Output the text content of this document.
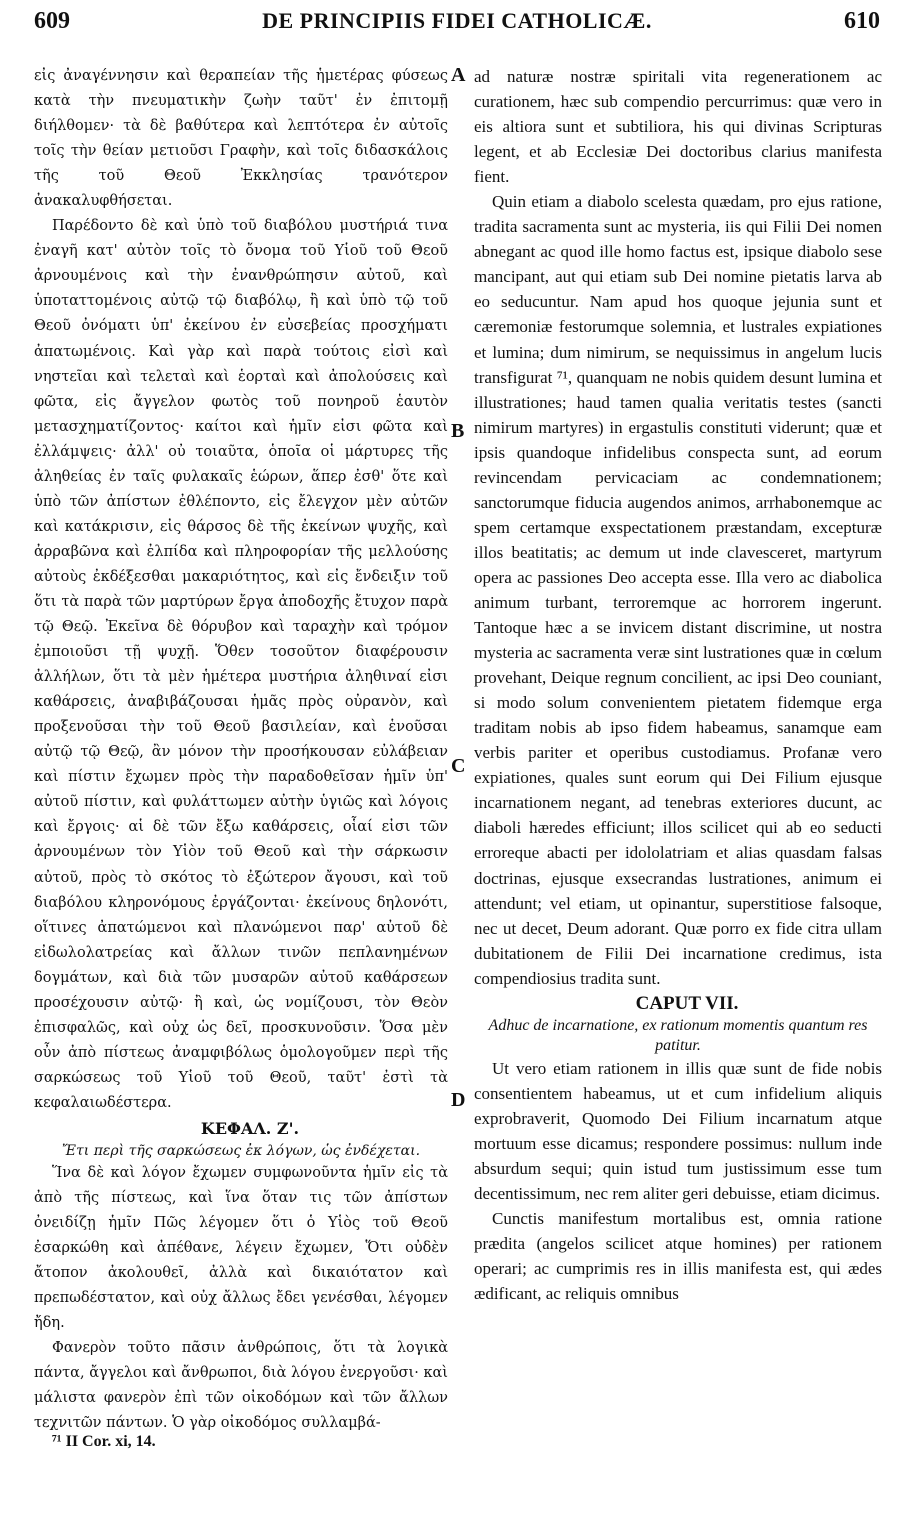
609	DE PRINCIPIIS FIDEI CATHOLICÆ.	610

εἰς ἀναγέννησιν καὶ θεραπείαν τῆς ἡμετέρας φύσεως κατὰ τὴν πνευματικὴν ζωὴν ταῦτ' ἐν ἐπιτομῇ διήλθομεν· τὰ δὲ βαθύτερα καὶ λεπτότερα ἐν αὐτοῖς τοῖς τὴν θείαν μετιοῦσι Γραφὴν, καὶ τοῖς διδασκάλοις τῆς τοῦ Θεοῦ Ἐκκλησίας τρανότερον ἀνακαλυφθήσεται.

Παρέδοντο δὲ καὶ ὑπὸ τοῦ διαβόλου μυστήριά τινα ἐναγῆ κατ' αὐτὸν τοῖς τὸ ὄνομα τοῦ Υἱοῦ τοῦ Θεοῦ ἀρνουμένοις καὶ τὴν ἐνανθρώπησιν αὐτοῦ, καὶ ὑποταττομένοις αὐτῷ τῷ διαβόλῳ, ἢ καὶ ὑπὸ τῷ τοῦ Θεοῦ ὀνόματι ὑπ' ἐκείνου ἐν εὐσεβείας προσχήματι ἀπατωμένοις. Καὶ γὰρ καὶ παρὰ τούτοις εἰσὶ καὶ νηστεῖαι καὶ τελεταὶ καὶ ἑορταὶ καὶ ἀπολούσεις καὶ φῶτα, εἰς ἄγγελον φωτὸς τοῦ πονηροῦ ἑαυτὸν μετασχηματίζοντος· καίτοι καὶ ἡμῖν εἰσι φῶτα καὶ ἐλλάμψεις· ἀλλ' οὐ τοιαῦτα, ὁποῖα οἱ μάρτυρες τῆς ἀληθείας ἐν ταῖς φυλακαῖς ἑώρων, ἅπερ ἐσθ' ὅτε καὶ ὑπὸ τῶν ἀπίστων ἐθλέποντο, εἰς ἔλεγχον μὲν αὐτῶν καὶ κατάκρισιν, εἰς θάρσος δὲ τῆς ἐκείνων ψυχῆς, καὶ ἀρραβῶνα καὶ ἐλπίδα καὶ πληροφορίαν τῆς μελλούσης αὐτοὺς ἐκδέξεσθαι μακαριότητος, καὶ εἰς ἔνδειξιν τοῦ ὅτι τὰ παρὰ τῶν μαρτύρων ἔργα ἀποδοχῆς ἔτυχον παρὰ τῷ Θεῷ. Ἐκεῖνα δὲ θόρυβον καὶ ταραχὴν καὶ τρόμον ἐμποιοῦσι τῇ ψυχῇ. Ὅθεν τοσοῦτον διαφέρουσιν ἀλλήλων, ὅτι τὰ μὲν ἡμέτερα μυστήρια ἀληθιναί εἰσι καθάρσεις, ἀναβιβάζουσαι ἡμᾶς πρὸς οὐρανὸν, καὶ προξενοῦσαι τὴν τοῦ Θεοῦ βασιλείαν, καὶ ἑνοῦσαι αὐτῷ τῷ Θεῷ, ἂν μόνον τὴν προσήκουσαν εὐλάβειαν καὶ πίστιν ἔχωμεν πρὸς τὴν παραδοθεῖσαν ἡμῖν ὑπ' αὐτοῦ πίστιν, καὶ φυλάττωμεν αὐτὴν ὑγιῶς καὶ λόγοις καὶ ἔργοις· αἱ δὲ τῶν ἔξω καθάρσεις, οἷαί εἰσι τῶν ἀρνουμένων τὸν Υἱὸν τοῦ Θεοῦ καὶ τὴν σάρκωσιν αὐτοῦ, πρὸς τὸ σκότος τὸ ἐξώτερον ἄγουσι, καὶ τοῦ διαβόλου κληρονόμους ἐργάζονται· ἐκείνους δηλονότι, οἵτινες ἀπατώμενοι καὶ πλανώμενοι παρ' αὐτοῦ δὲ εἰδωλολατρείας καὶ ἄλλων τινῶν πεπλανημένων δογμάτων, καὶ διὰ τῶν μυσαρῶν αὐτοῦ καθάρσεων προσέχουσιν αὐτῷ· ἢ καὶ, ὡς νομίζουσι, τὸν Θεὸν ἐπισφαλῶς, καὶ οὐχ ὡς δεῖ, προσκυνοῦσιν. Ὅσα μὲν οὖν ἀπὸ πίστεως ἀναμφιβόλως ὁμολογοῦμεν περὶ τῆς σαρκώσεως τοῦ Υἱοῦ τοῦ Θεοῦ, ταῦτ' ἐστὶ τὰ κεφαλαιωδέστερα.

ΚΕΦΑΛ. Ζ'.

Ἔτι περὶ τῆς σαρκώσεως ἐκ λόγων, ὡς ἐνδέχεται.

Ἵνα δὲ καὶ λόγον ἔχωμεν συμφωνοῦντα ἡμῖν εἰς τὰ ἀπὸ τῆς πίστεως, καὶ ἵνα ὅταν τις τῶν ἀπίστων ὀνειδίζῃ ἡμῖν Πῶς λέγομεν ὅτι ὁ Υἱὸς τοῦ Θεοῦ ἐσαρκώθη καὶ ἀπέθανε, λέγειν ἔχωμεν, Ὅτι οὐδὲν ἄτοπον ἀκολουθεῖ, ἀλλὰ καὶ δικαιότατον καὶ πρεπωδέστατον, καὶ οὐχ ἄλλως ἔδει γενέσθαι, λέγομεν ἤδη.

Φανερὸν τοῦτο πᾶσιν ἀνθρώποις, ὅτι τὰ λογικὰ πάντα, ἄγγελοι καὶ ἄνθρωποι, διὰ λόγου ἐνεργοῦσι· καὶ μάλιστα φανερὸν ἐπὶ τῶν οἰκοδόμων καὶ τῶν ἄλλων τεχνιτῶν πάντων. Ὁ γὰρ οἰκοδόμος συλλαμβά-

ad naturæ nostræ spiritali vita regenerationem ac curationem, hæc sub compendio percurrimus: quæ vero in eis altiora sunt et subtiliora, his qui divinas Scripturas legent, et ab Ecclesiæ Dei doctoribus clarius manifesta fient.

Quin etiam a diabolo scelesta quædam, pro ejus ratione, tradita sacramenta sunt ac mysteria, iis qui Filii Dei nomen abnegant ac quod ille homo factus est, ipsique diabolo sese mancipant, aut qui etiam sub Dei nomine pietatis larva ab eo seducuntur. Nam apud hos quoque jejunia sunt et cæremoniæ festorumque solemnia, et lustrales expiationes et lumina; dum nimirum, se nequissimus in angelum lucis transfigurat ⁷¹, quanquam ne nobis quidem desunt lumina et illustrationes; haud tamen qualia veritatis testes (sancti nimirum martyres) in ergastulis constituti viderunt; quæ et ipsis quandoque infidelibus conspecta sunt, ad eorum revincendam pervicaciam ac condemnationem; sanctorumque fiducia augendos animos, arrhabonemque ac spem certamque exspectationem præstandam, excepturæ illos beatitatis; ac demum ut inde clavesceret, martyrum opera ac passiones Deo accepta esse. Illa vero ac diabolica animum turbant, terroremque ac horrorem ingerunt. Tantoque hæc a se invicem distant discrimine, ut nostra mysteria ac sacramenta veræ sint lustrationes quæ in cœlum provehant, Deique regnum concilient, ac ipsi Deo couniant, si modo solum convenientem pietatem fidemque erga traditam nobis ab ipso fidem habeamus, sanamque eam verbis pariter et operibus custodiamus. Profanæ vero expiationes, quales sunt eorum qui Dei Filium ejusque incarnationem negant, ad tenebras exteriores ducunt, ac diaboli hæredes efficiunt; illos scilicet qui ab eo seducti erroreque abacti per idololatriam et alias quasdam falsas doctrinas, ejusque exsecrandas lustrationes, animum ei attendunt; vel etiam, ut opinantur, superstitiose falsoque, nec ut decet, Deum adorant. Quæ porro ex fide citra ullam dubitationem de Filii Dei incarnatione credimus, ista compendiosius tradita sunt.

CAPUT VII.

Adhuc de incarnatione, ex rationum momentis quantum res patitur.

Ut vero etiam rationem in illis quæ sunt de fide nobis consentientem habeamus, ut et cum infidelium aliquis exprobraverit, Quomodo Dei Filium incarnatum atque mortuum esse dicamus; respondere possimus: nullum inde absurdum sequi; quin istud tum justissimum esse tum decentissimum, nec rem aliter geri debuisse, etiam dicimus.

Cunctis manifestum mortalibus est, omnia ratione prædita (angelos scilicet atque homines) per rationem operari; ac cumprimis res in illis manifesta est, qui ædes ædificant, ac reliquis omnibus

A
B
C
D
⁷¹ II Cor. xi, 14.
